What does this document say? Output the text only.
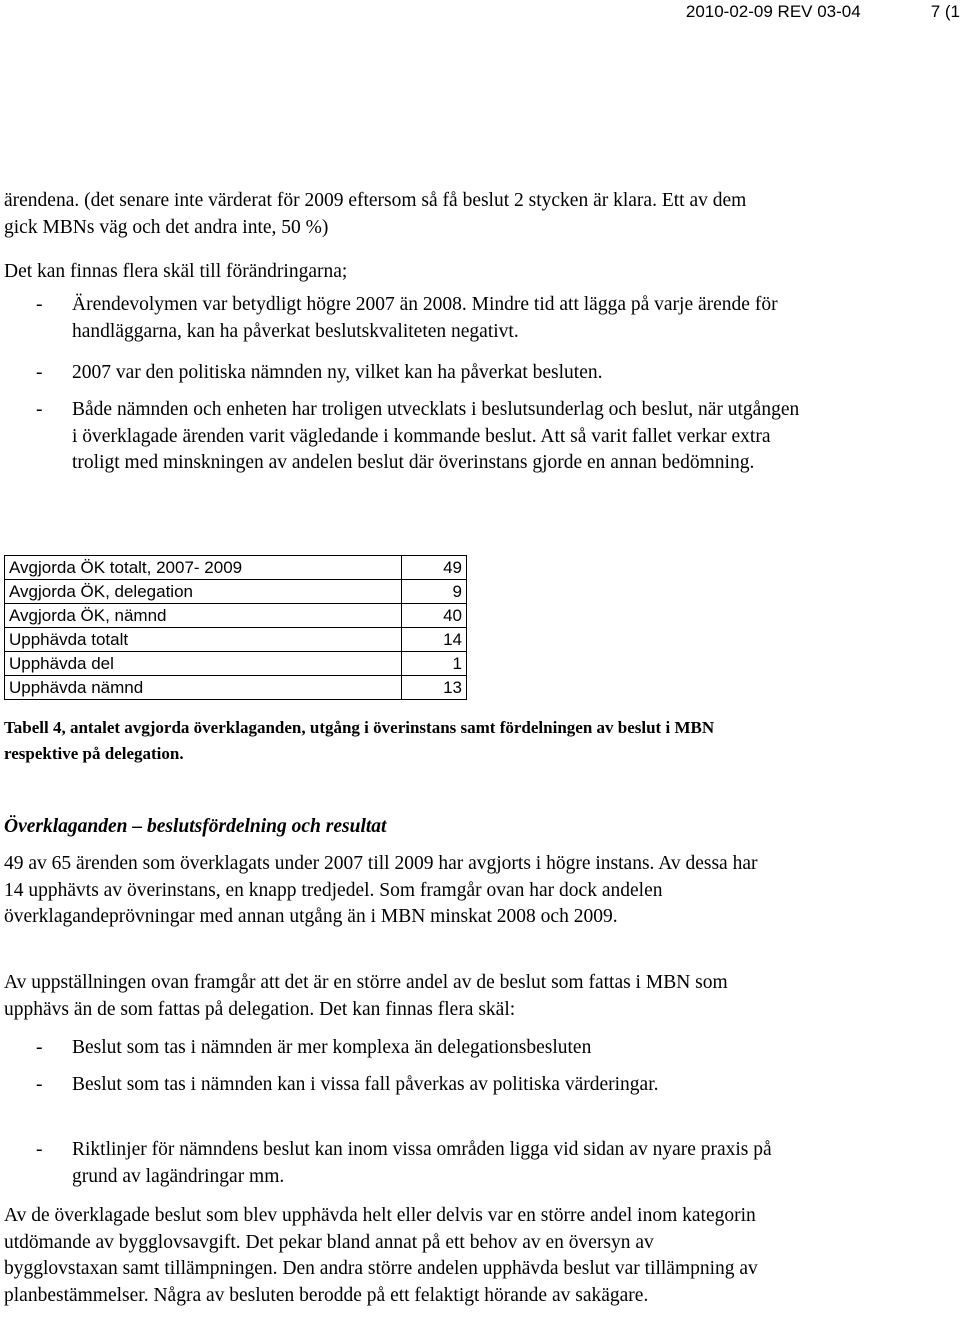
2010-02-09 REV 03-04	7 (1

ärendena. (det senare inte värderat för 2009 eftersom så få beslut 2 stycken är klara. Ett av dem gick MBNs väg och det andra inte, 50 %)

Det kan finnas flera skäl till förändringarna;

- Ärendevolymen var betydligt högre 2007 än 2008. Mindre tid att lägga på varje ärende för handläggarna, kan ha påverkat beslutskvaliteten negativt.
- 2007 var den politiska nämnden ny, vilket kan ha påverkat besluten.
- Både nämnden och enheten har troligen utvecklats i beslutsunderlag och beslut, när utgången i överklagade ärenden varit vägledande i kommande beslut. Att så varit fallet verkar extra troligt med minskningen av andelen beslut där överinstans gjorde en annan bedömning.
Avgjorda ÖK totalt, 2007- 2009	49
Avgjorda ÖK, delegation	9
Avgjorda ÖK, nämnd	40
Upphävda totalt	14
Upphävda del	1
Upphävda nämnd	13

Tabell 4, antalet avgjorda överklaganden, utgång i överinstans samt fördelningen av beslut i MBN respektive på delegation.

Överklaganden – beslutsfördelning och resultat

49 av 65 ärenden som överklagats under 2007 till 2009 har avgjorts i högre instans. Av dessa har 14 upphävts av överinstans, en knapp tredjedel. Som framgår ovan har dock andelen överklagandeprövningar med annan utgång än i MBN minskat 2008 och 2009.

Av uppställningen ovan framgår att det är en större andel av de beslut som fattas i MBN som upphävs än de som fattas på delegation. Det kan finnas flera skäl:

- Beslut som tas i nämnden är mer komplexa än delegationsbesluten
- Beslut som tas i nämnden kan i vissa fall påverkas av politiska värderingar.
- Riktlinjer för nämndens beslut kan inom vissa områden ligga vid sidan av nyare praxis på grund av lagändringar mm.

Av de överklagade beslut som blev upphävda helt eller delvis var en större andel inom kategorin utdömande av bygglovsavgift. Det pekar bland annat på ett behov av en översyn av bygglovstaxan samt tillämpningen. Den andra större andelen upphävda beslut var tillämpning av planbestämmelser. Några av besluten berodde på ett felaktigt hörande av sakägare.
